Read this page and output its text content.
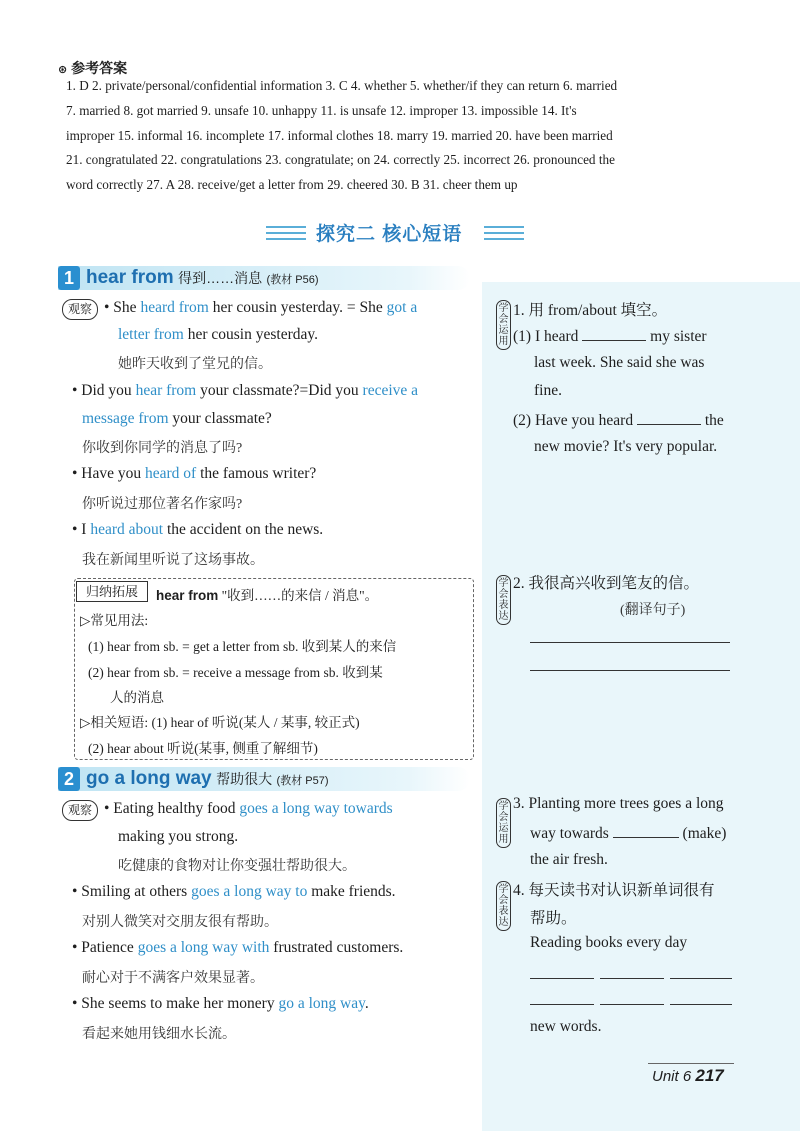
⊛ 参考答案
1. D 2. private/personal/confidential information 3. C 4. whether 5. whether/if they can return 6. married
7. married 8. got married 9. unsafe 10. unhappy 11. is unsafe 12. improper 13. impossible 14. It's
improper 15. informal 16. incomplete 17. informal clothes 18. marry 19. married 20. have been married
21. congratulated 22. congratulations 23. congratulate; on 24. correctly 25. incorrect 26. pronounced the
word correctly 27. A 28. receive/get a letter from 29. cheered 30. B 31. cheer them up
探究二 核心短语
1 hear from 得到……消息 (教材 P56)
观察 • She heard from her cousin yesterday. = She got a
letter from her cousin yesterday.
她昨天收到了堂兄的信。
• Did you hear from your classmate?=Did you receive a
message from your classmate?
你收到你同学的消息了吗?
• Have you heard of the famous writer?
你听说过那位著名作家吗?
• I heard about the accident on the news.
我在新闻里听说了这场事故。
归纳拓展	hear from "收到……的来信 / 消息"。
▷常见用法:
(1) hear from sb. = get a letter from sb. 收到某人的来信
(2) hear from sb. = receive a message from sb. 收到某
人的消息
▷相关短语: (1) hear of 听说(某人 / 某事, 较正式)
(2) hear about 听说(某事, 侧重了解细节)
2 go a long way 帮助很大 (教材 P57)
观察 • Eating healthy food goes a long way towards
making you strong.
吃健康的食物对让你变强壮帮助很大。
• Smiling at others goes a long way to make friends.
对别人微笑对交朋友很有帮助。
• Patience goes a long way with frustrated customers.
耐心对于不满客户效果显著。
• She seems to make her monery go a long way.
看起来她用钱细水长流。
学会运用
1. 用 from/about 填空。
(1) I heard	my sister
last week. She said she was
fine.
(2) Have you heard	the
new movie? It's very popular.
学会表达
2. 我很高兴收到笔友的信。
(翻译句子)
学会运用
3. Planting more trees goes a long
way towards	(make)
the air fresh.
学会表达
4. 每天读书对认识新单词很有
帮助。
Reading books every day
new words.
Unit 6 217
